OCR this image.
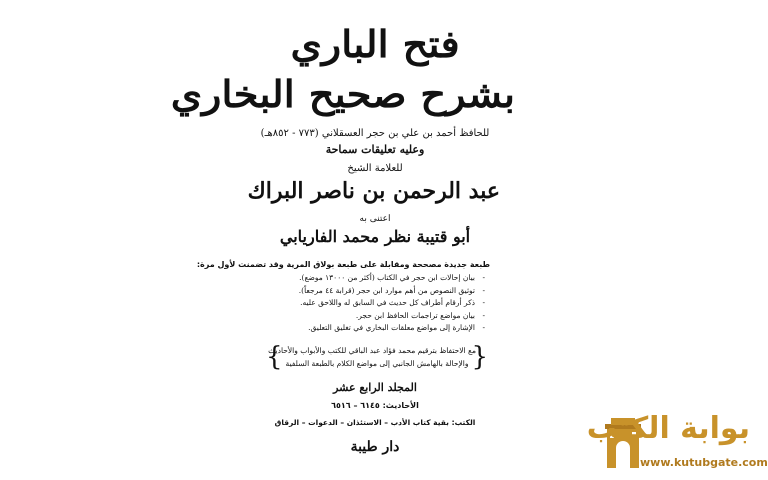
فتح الباري
بشرح صحيح البخاري
للحافظ أحمد بن علي بن حجر العسقلاني (٧٧٣ - ٨٥٢هـ)
وعليه تعليقات سماحة
للعلامة الشيخ
عبد الرحمن بن ناصر البراك
اعتنى به
أبو قتيبة نظر محمد الفاريابي
طبعة جديدة مصححة ومقابلة على طبعة بولاق المرية وقد تضمنت لأول مرة:
-
بيان إحالات ابن حجر في الكتاب (أكثر من ١٣٠٠٠ موضع).
-
توثيق النصوص من أهم موارد ابن حجر (قرابة ٤٤ مرجعاً).
-
ذكر أرقام أطراف كل حديث في السابق له واللاحق عليه.
-
بيان مواضع تراجمات الحافظ ابن حجر.
-
الإشارة إلى مواضع معلقات البخاري في تغليق التعليق.
{
مع الاحتفاظ بترقيم محمد فؤاد عبد الباقي للكتب والأبواب والأحاديث
والإحالة بالهامش الجانبي إلى مواضع الكلام بالطبعة السلفية
}
المجلد الرابع عشر
الأحاديث: ٦١٤٥ – ٦٥١٦
الكتب: بقية كتاب الأدب – الاستئذان – الدعوات – الرقاق
دار طيبة
بوابة الكتب
www.kutubgate.com
